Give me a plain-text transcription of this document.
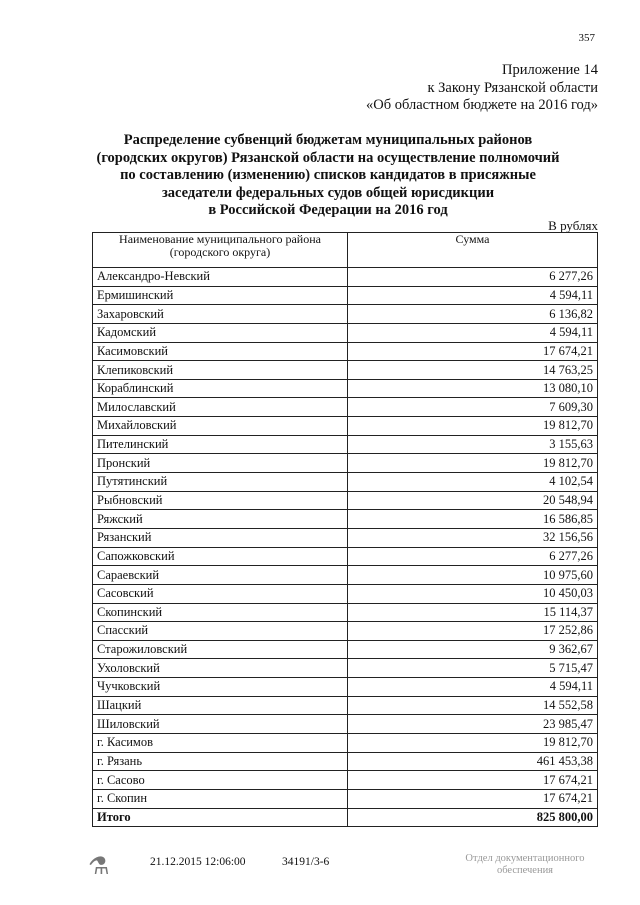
357
Приложение 14
к Закону Рязанской области
«Об областном бюджете на 2016 год»
Распределение субвенций бюджетам муниципальных районов
(городских округов) Рязанской области на осуществление полномочий
по составлению (изменению) списков кандидатов в присяжные
заседатели федеральных судов общей юрисдикции
в Российской Федерации на 2016 год
В рублях
Наименование муниципального района
(городского округа)	Сумма
Александро-Невский	6 277,26
Ермишинский	4 594,11
Захаровский	6 136,82
Кадомский	4 594,11
Касимовский	17 674,21
Клепиковский	14 763,25
Кораблинский	13 080,10
Милославский	7 609,30
Михайловский	19 812,70
Пителинский	3 155,63
Пронский	19 812,70
Путятинский	4 102,54
Рыбновский	20 548,94
Ряжский	16 586,85
Рязанский	32 156,56
Сапожковский	6 277,26
Сараевский	10 975,60
Сасовский	10 450,03
Скопинский	15 114,37
Спасский	17 252,86
Старожиловский	9 362,67
Ухоловский	5 715,47
Чучковский	4 594,11
Шацкий	14 552,58
Шиловский	23 985,47
г. Касимов	19 812,70
г. Рязань	461 453,38
г. Сасово	17 674,21
г. Скопин	17 674,21
Итого	825 800,00
⚗	21.12.2015 12:06:00	34191/3-6	Отдел документационного
обеспечения
